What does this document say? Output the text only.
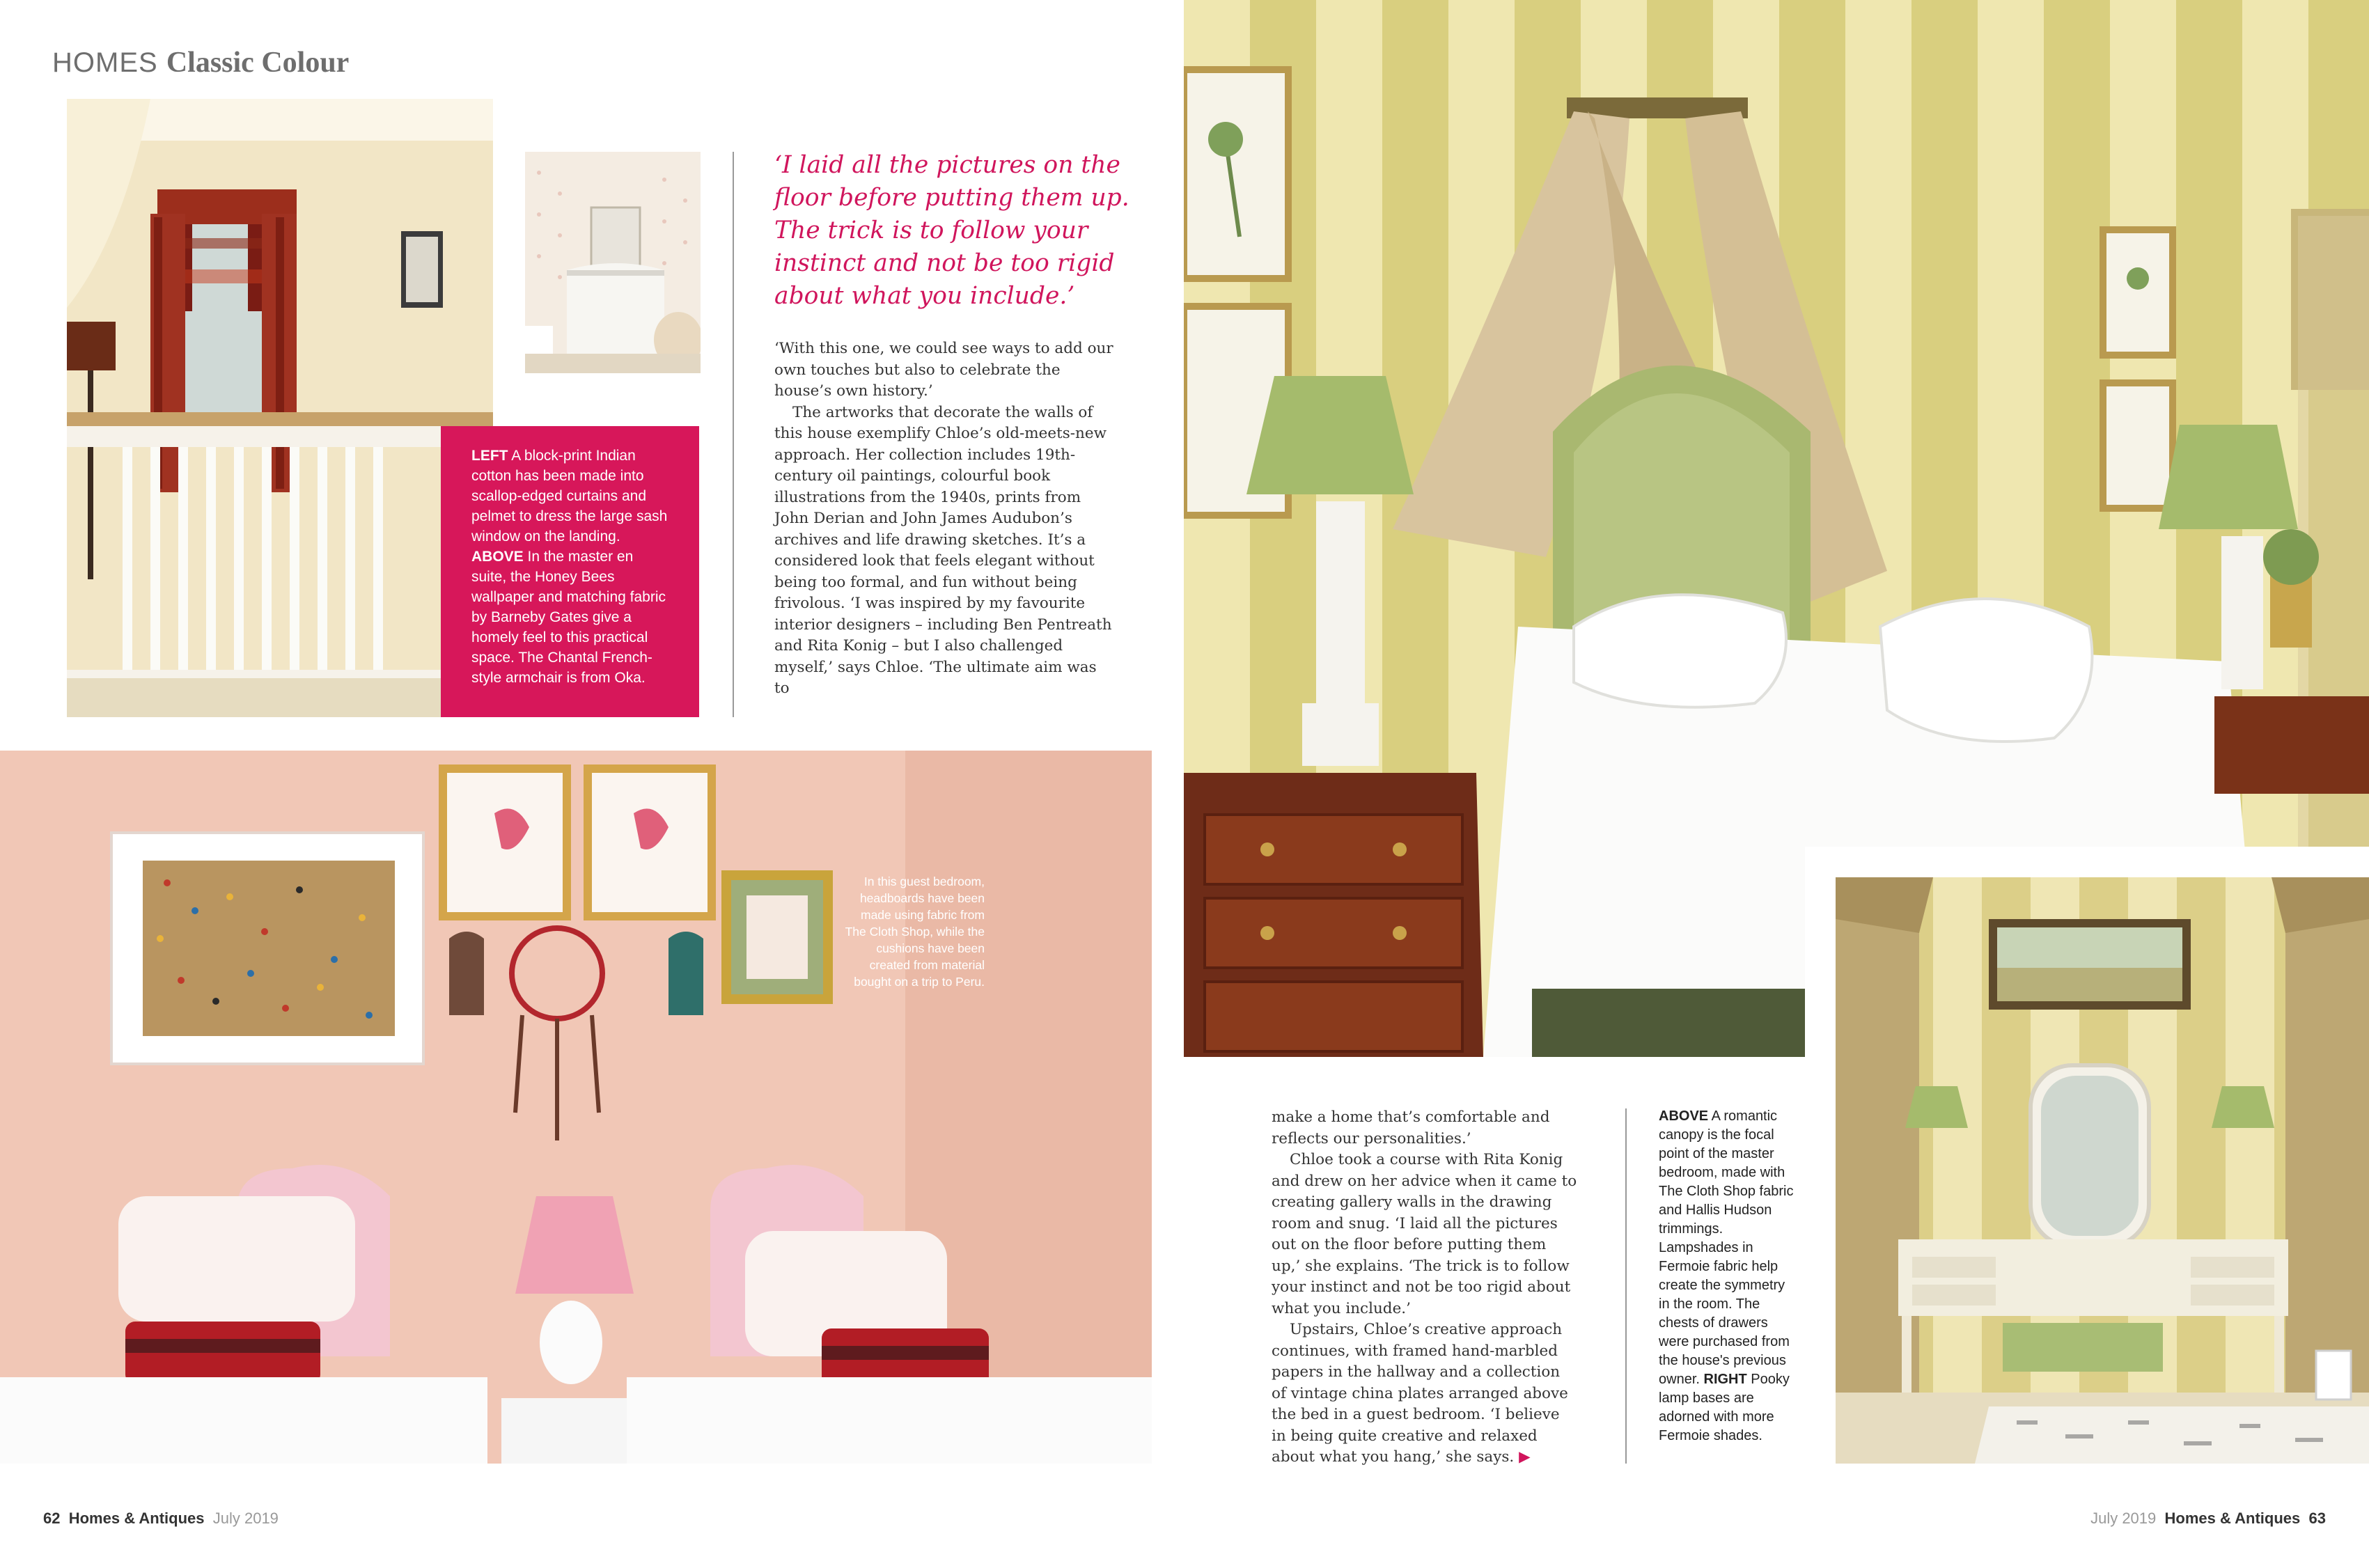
HOMES Classic Colour
LEFT A block-print Indian cotton has been made into scallop-edged curtains and pelmet to dress the large sash window on the landing. ABOVE In the master en suite, the Honey Bees wallpaper and matching fabric by Barneby Gates give a homely feel to this practical space. The Chantal French-style armchair is from Oka.
‘I laid all the pictures on the floor before putting them up. The trick is to follow your instinct and not be too rigid about what you include.’

‘With this one, we could see ways to add our own touches but also to celebrate the house’s own history.’

The artworks that decorate the walls of this house exemplify Chloe’s old-meets-new approach. Her collection includes 19th-century oil paintings, colourful book illustrations from the 1940s, prints from John Derian and John James Audubon’s archives and life drawing sketches. It’s a considered look that feels elegant without being too formal, and fun without being frivolous. ‘I was inspired by my favourite interior designers – including Ben Pentreath and Rita Konig – but I also challenged myself,’ says Chloe. ‘The ultimate aim was to

In this guest bedroom, headboards have been made using fabric from The Cloth Shop, while the cushions have been created from material bought on a trip to Peru.

make a home that’s comfortable and reflects our personalities.’

Chloe took a course with Rita Konig and drew on her advice when it came to creating gallery walls in the drawing room and snug. ‘I laid all the pictures out on the floor before putting them up,’ she explains. ‘The trick is to follow your instinct and not be too rigid about what you include.’

Upstairs, Chloe’s creative approach continues, with framed hand-marbled papers in the hallway and a collection of vintage china plates arranged above the bed in a guest bedroom. ‘I believe in being quite creative and relaxed about what you hang,’ she says. ▶

ABOVE A romantic canopy is the focal point of the master bedroom, made with The Cloth Shop fabric and Hallis Hudson trimmings. Lampshades in Fermoie fabric help create the symmetry in the room. The chests of drawers were purchased from the house's previous owner. RIGHT Pooky lamp bases are adorned with more Fermoie shades.
62 Homes & Antiques July 2019	July 2019 Homes & Antiques 63
